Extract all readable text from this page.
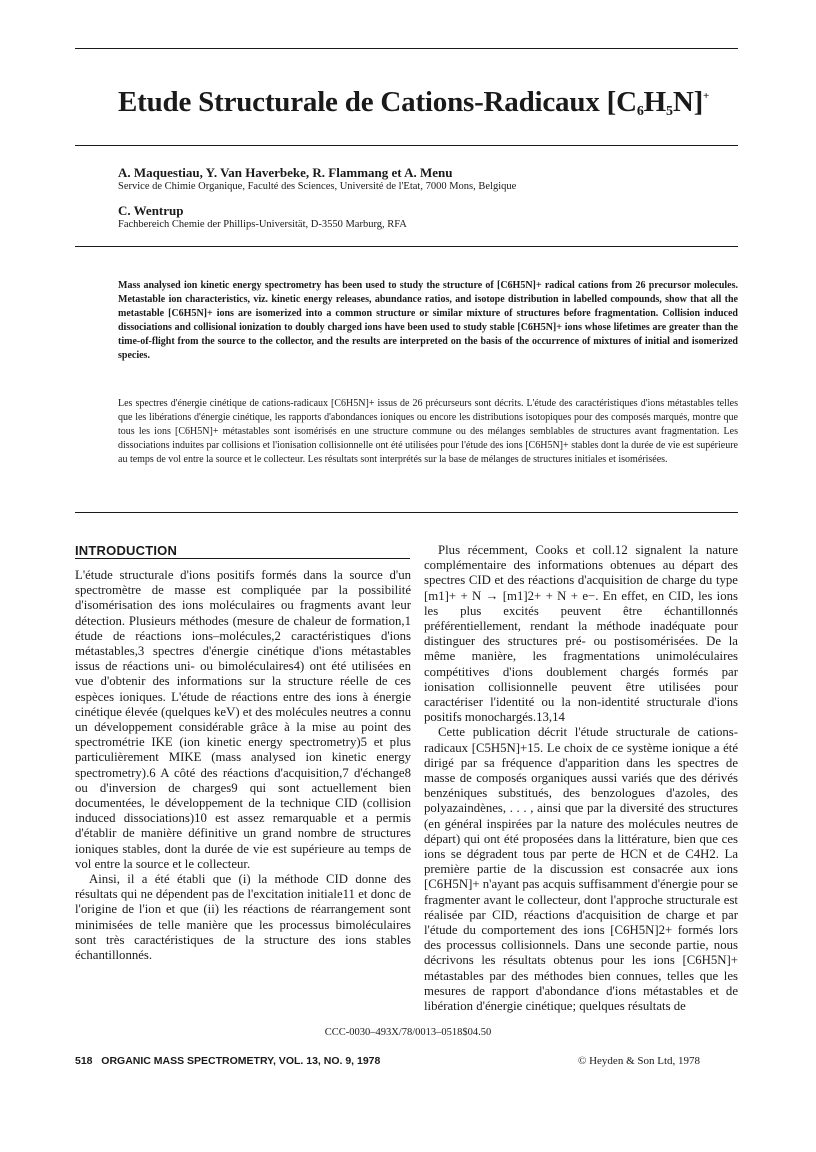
Etude Structurale de Cations-Radicaux $[C_6H_5N]^+$
A. Maquestiau, Y. Van Haverbeke, R. Flammang et A. Menu
Service de Chimie Organique, Faculté des Sciences, Université de l'Etat, 7000 Mons, Belgique
C. Wentrup
Fachbereich Chemie der Phillips-Universität, D-3550 Marburg, RFA
Mass analysed ion kinetic energy spectrometry has been used to study the structure of [C6H5N]+ radical cations from 26 precursor molecules. Metastable ion characteristics, viz. kinetic energy releases, abundance ratios, and isotope distribution in labelled compounds, show that all the metastable [C6H5N]+ ions are isomerized into a common structure or similar mixture of structures before fragmentation. Collision induced dissociations and collisional ionization to doubly charged ions have been used to study stable [C6H5N]+ ions whose lifetimes are greater than the time-of-flight from the source to the collector, and the results are interpreted on the basis of the occurrence of mixtures of initial and isomerized species.
Les spectres d'énergie cinétique de cations-radicaux [C6H5N]+ issus de 26 précurseurs sont décrits. L'étude des caractéristiques d'ions métastables telles que les libérations d'énergie cinétique, les rapports d'abondances ioniques ou encore les distributions isotopiques pour des composés marqués, montre que tous les ions [C6H5N]+ métastables sont isomérisés en une structure commune ou des mélanges semblables de structures avant fragmentation. Les dissociations induites par collisions et l'ionisation collisionnelle ont été utilisées pour l'étude des ions [C6H5N]+ stables dont la durée de vie est supérieure au temps de vol entre la source et le collecteur. Les résultats sont interprétés sur la base de mélanges de structures initiales et isomérisées.
INTRODUCTION

L'étude structurale d'ions positifs formés dans la source d'un spectromètre de masse est compliquée par la possibilité d'isomérisation des ions moléculaires ou fragments avant leur détection. Plusieurs méthodes (mesure de chaleur de formation,1 étude de réactions ions–molécules,2 caractéristiques d'ions métastables,3 spectres d'énergie cinétique d'ions métastables issus de réactions uni- ou bimoléculaires4) ont été utilisées en vue d'obtenir des informations sur la structure réelle de ces espèces ioniques. L'étude de réactions entre des ions à énergie cinétique élevée (quelques keV) et des molécules neutres a connu un développement considérable grâce à la mise au point des spectrométrie IKE (ion kinetic energy spectrometry)5 et plus particulièrement MIKE (mass analysed ion kinetic energy spectrometry).6 A côté des réactions d'acquisition,7 d'échange8 ou d'inversion de charges9 qui sont actuellement bien documentées, le développement de la technique CID (collision induced dissociations)10 est assez remarquable et a permis d'établir de manière définitive un grand nombre de structures ioniques stables, dont la durée de vie est supérieure au temps de vol entre la source et le collecteur.

Ainsi, il a été établi que (i) la méthode CID donne des résultats qui ne dépendent pas de l'excitation initiale11 et donc de l'origine de l'ion et que (ii) les réactions de réarrangement sont minimisées de telle manière que les processus bimoléculaires sont très caractéristiques de la structure des ions stables échantillonnés.

Plus récemment, Cooks et coll.12 signalent la nature complémentaire des informations obtenues au départ des spectres CID et des réactions d'acquisition de charge du type [m1]+ + N → [m1]2+ + N + e−. En effet, en CID, les ions les plus excités peuvent être échantillonnés préférentiellement, rendant la méthode inadéquate pour distinguer des structures pré- ou postisomérisées. De la même manière, les fragmentations unimoléculaires compétitives d'ions doublement chargés formés par ionisation collisionnelle peuvent être utilisées pour caractériser l'identité ou la non-identité structurale d'ions positifs monochargés.13,14

Cette publication décrit l'étude structurale de cations-radicaux [C5H5N]+15. Le choix de ce système ionique a été dirigé par sa fréquence d'apparition dans les spectres de masse de composés organiques aussi variés que des dérivés benzéniques substitués, des benzologues d'azoles, des polyazaindènes, . . . , ainsi que par la diversité des structures (en général inspirées par la nature des molécules neutres de départ) qui ont été proposées dans la littérature, bien que ces ions se dégradent tous par perte de HCN et de C4H2. La première partie de la discussion est consacrée aux ions [C6H5N]+ n'ayant pas acquis suffisamment d'énergie pour se fragmenter avant le collecteur, dont l'approche structurale est réalisée par CID, réactions d'acquisition de charge et par l'étude du comportement des ions [C6H5N]2+ formés lors des processus collisionnels. Dans une seconde partie, nous décrivons les résultats obtenus pour les ions [C6H5N]+ métastables par des méthodes bien connues, telles que les mesures de rapport d'abondance d'ions métastables et de libération d'énergie cinétique; quelques résultats de

CCC-0030–493X/78/0013–0518$04.50
518   ORGANIC MASS SPECTROMETRY, VOL. 13, NO. 9, 1978	© Heyden & Son Ltd, 1978
